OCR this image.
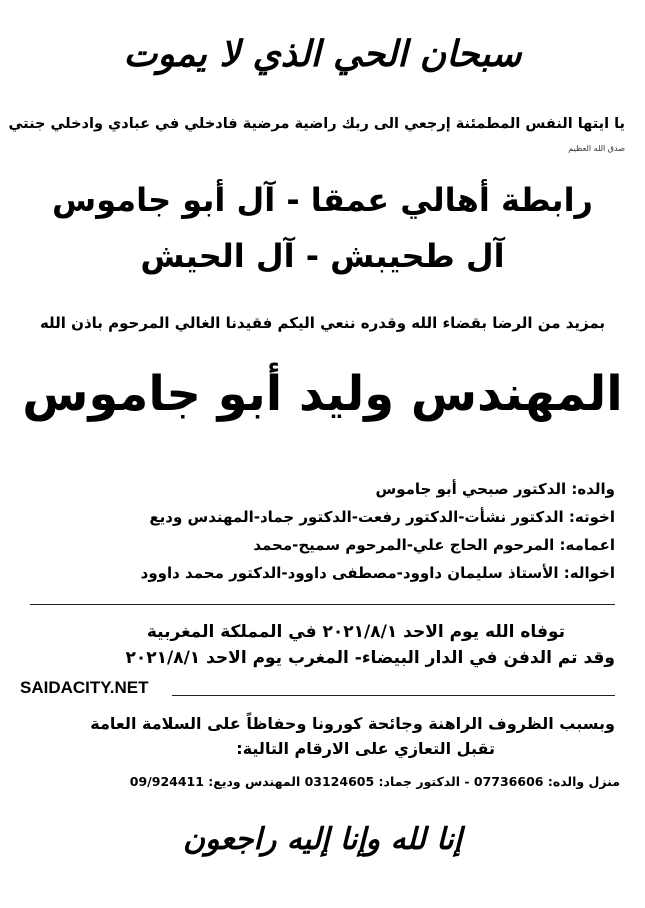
سبحان الحي الذي لا يموت
يا ايتها النفس المطمئنة إرجعي الى ربك راضية مرضية فادخلي في عبادي وادخلي جنتي
صدق الله العظيم
رابطة أهالي عمقا - آل أبو جاموس
آل طحيبش - آل الحيش
بمزيد من الرضا بقضاء الله وقدره ننعي اليكم فقيدنا الغالي المرحوم باذن الله
المهندس وليد أبو جاموس
والده: الدكتور صبحي أبو جاموس
اخوته: الدكتور نشأت-الدكتور رفعت-الدكتور جماد-المهندس وديع
اعمامه: المرحوم الحاج علي-المرحوم سميح-محمد
اخواله: الأستاذ سليمان داوود-مصطفى داوود-الدكتور محمد داوود
توفاه الله يوم الاحد ٢٠٢١/٨/١ في المملكة المغربية
وقد تم الدفن في الدار البيضاء- المغرب يوم الاحد ٢٠٢١/٨/١
SAIDACITY.NET
وبسبب الظروف الراهنة وجائحة كورونا وحفاظاً على السلامة العامة
تقبل التعازي على الارقام التالية:
منزل والده: 07736606 - الدكتور جماد: 03124605 المهندس وديع: 09/924411
إنا لله وإنا إليه راجعون
